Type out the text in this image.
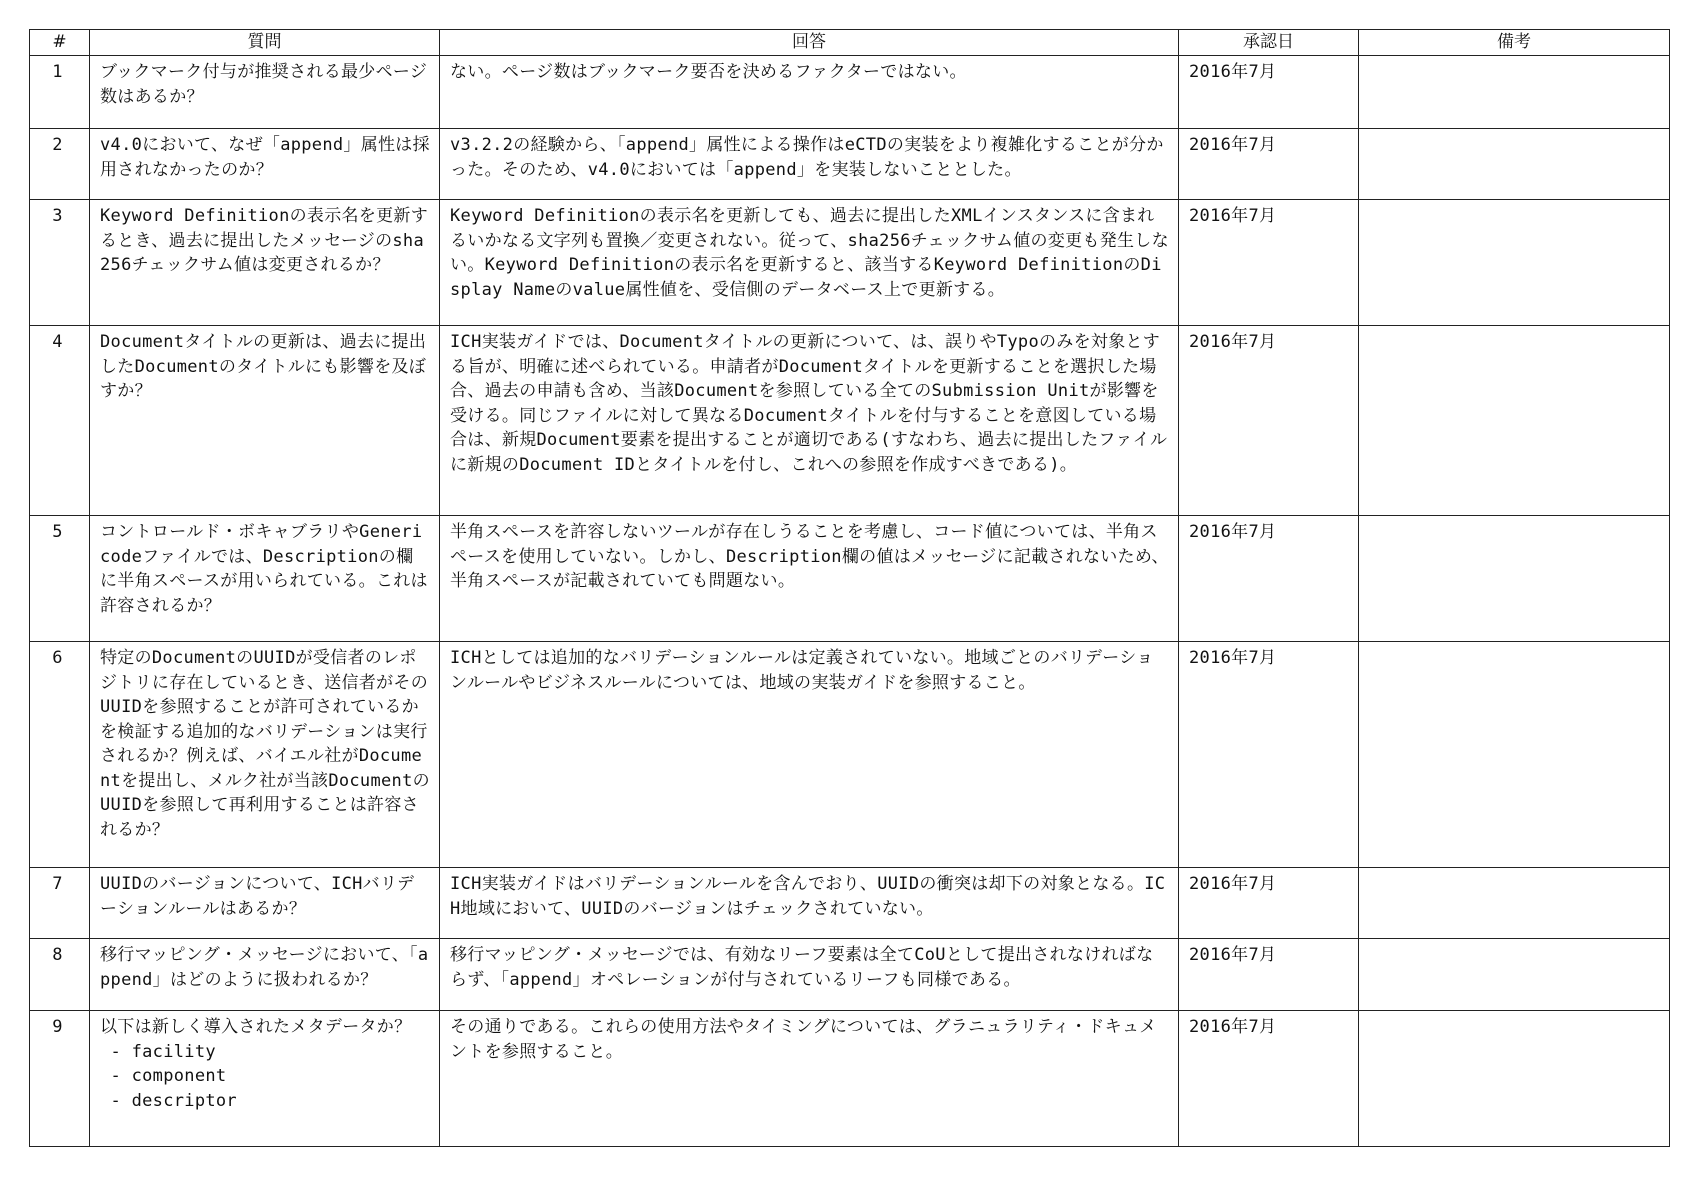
#	質問	回答	承認日	備考

1	ブックマーク付与が推奨される最少ページ数はあるか？	ない。ページ数はブックマーク要否を決めるファクターではない。	2016年7月	

2	v4.0において、なぜ「append」属性は採用されなかったのか？	v3.2.2の経験から、「append」属性による操作はeCTDの実装をより複雑化することが分かった。そのため、v4.0においては「append」を実装しないこととした。	2016年7月	

3	Keyword Definitionの表示名を更新するとき、過去に提出したメッセージのsha256チェックサム値は変更されるか？	Keyword Definitionの表示名を更新しても、過去に提出したXMLインスタンスに含まれるいかなる文字列も置換／変更されない。従って、sha256チェックサム値の変更も発生しない。Keyword Definitionの表示名を更新すると、該当するKeyword DefinitionのDisplay Nameのvalue属性値を、受信側のデータベース上で更新する。	2016年7月	

4	Documentタイトルの更新は、過去に提出したDocumentのタイトルにも影響を及ぼすか？	ICH実装ガイドでは、Documentタイトルの更新について、は、誤りやTypoのみを対象とする旨が、明確に述べられている。申請者がDocumentタイトルを更新することを選択した場合、過去の申請も含め、当該Documentを参照している全てのSubmission Unitが影響を受ける。同じファイルに対して異なるDocumentタイトルを付与することを意図している場合は、新規Document要素を提出することが適切である(すなわち、過去に提出したファイルに新規のDocument IDとタイトルを付し、これへの参照を作成すべきである)。	2016年7月	

5	コントロールド・ボキャブラリやGenericodeファイルでは、Descriptionの欄に半角スペースが用いられている。これは許容されるか？	半角スペースを許容しないツールが存在しうることを考慮し、コード値については、半角スペースを使用していない。しかし、Description欄の値はメッセージに記載されないため、半角スペースが記載されていても問題ない。	2016年7月	

6	特定のDocumentのUUIDが受信者のレポジトリに存在しているとき、送信者がそのUUIDを参照することが許可されているかを検証する追加的なバリデーションは実行されるか？例えば、バイエル社がDocumentを提出し、メルク社が当該DocumentのUUIDを参照して再利用することは許容されるか？	ICHとしては追加的なバリデーションルールは定義されていない。地域ごとのバリデーションルールやビジネスルールについては、地域の実装ガイドを参照すること。	2016年7月	

7	UUIDのバージョンについて、ICHバリデーションルールはあるか？	ICH実装ガイドはバリデーションルールを含んでおり、UUIDの衝突は却下の対象となる。ICH地域において、UUIDのバージョンはチェックされていない。	2016年7月	

8	移行マッピング・メッセージにおいて、「append」はどのように扱われるか？	移行マッピング・メッセージでは、有効なリーフ要素は全てCoUとして提出されなければならず、「append」オペレーションが付与されているリーフも同様である。	2016年7月	

9	以下は新しく導入されたメタデータか？
- facility
- component
- descriptor	その通りである。これらの使用方法やタイミングについては、グラニュラリティ・ドキュメントを参照すること。	2016年7月	
